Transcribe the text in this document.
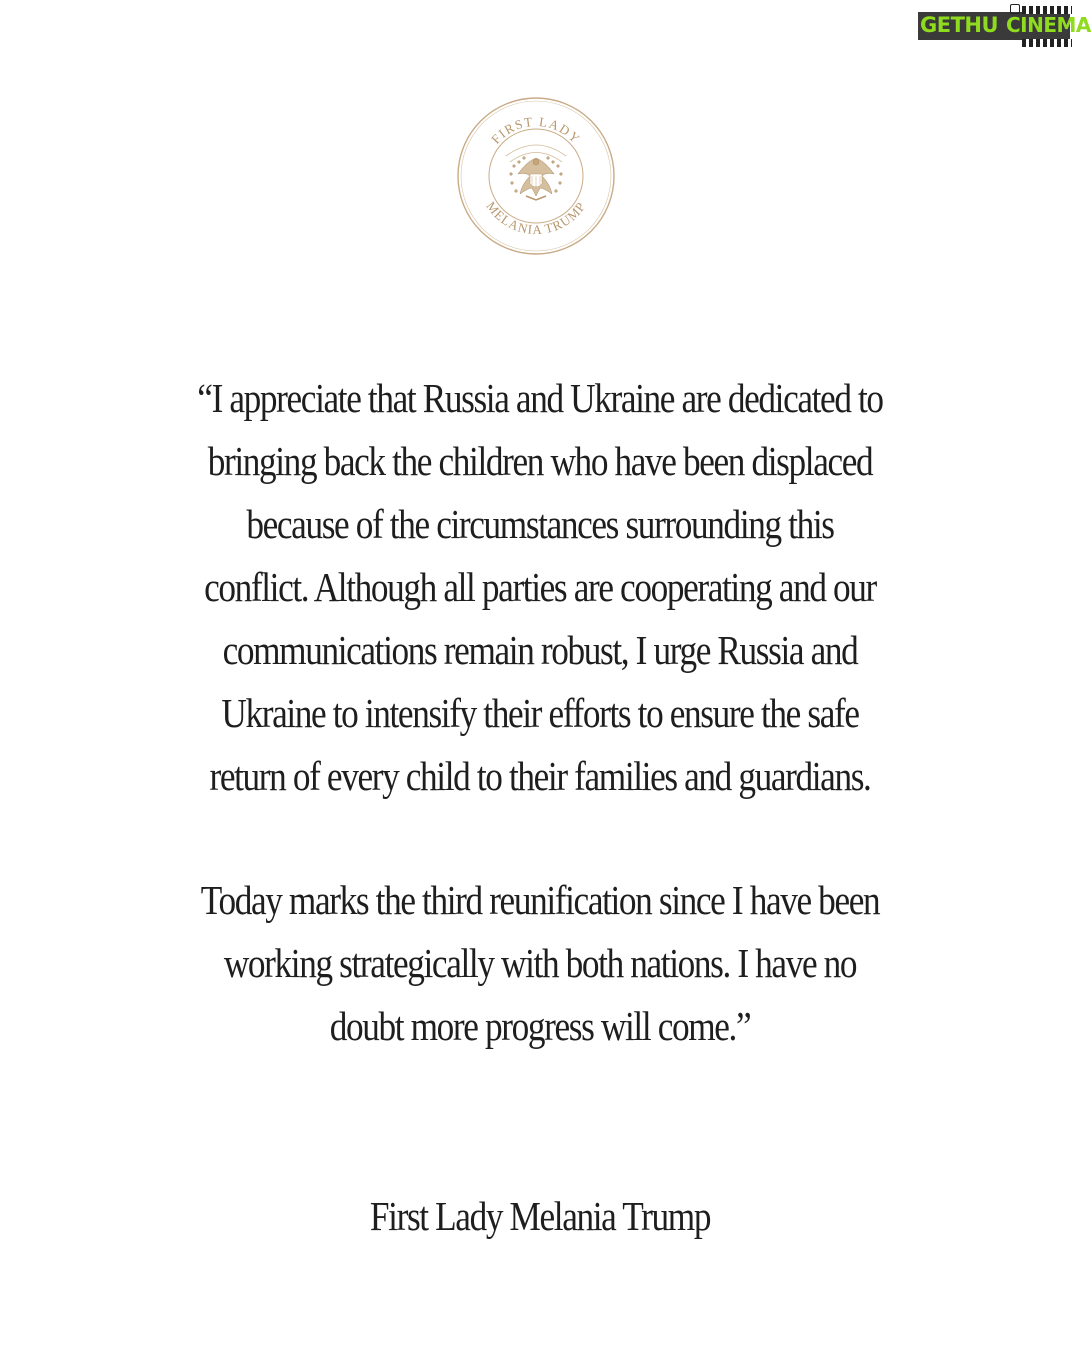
GETHU CINEMA
FIRST LADY
MELANIA TRUMP
“I appreciate that Russia and Ukraine are dedicated to
bringing back the children who have been displaced
because of the circumstances surrounding this
conflict. Although all parties are cooperating and our
communications remain robust, I urge Russia and
Ukraine to intensify their efforts to ensure the safe
return of every child to their families and guardians.
Today marks the third reunification since I have been
working strategically with both nations. I have no
doubt more progress will come.”
First Lady Melania Trump
